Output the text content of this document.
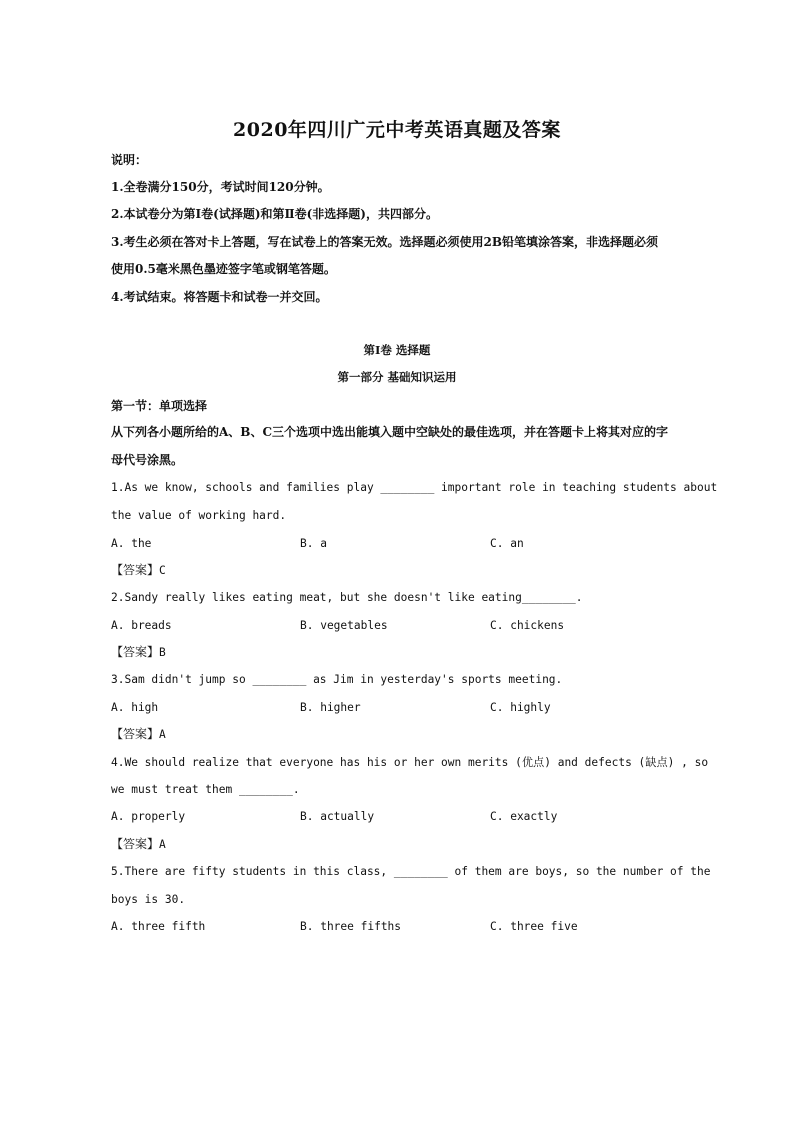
2020年四川广元中考英语真题及答案
说明：
1.全卷满分150分，考试时间120分钟。
2.本试卷分为第Ⅰ卷(试择题)和第Ⅱ卷(非选择题)，共四部分。
3.考生必须在答对卡上答题，写在试卷上的答案无效。选择题必须使用2B铅笔填涂答案，非选择题必须
使用0.5毫米黑色墨迹签字笔或钢笔答题。
4.考试结束。将答题卡和试卷一并交回。
第Ⅰ卷 选择题
第一部分 基础知识运用
第一节：单项选择
从下列各小题所给的A、B、C三个选项中选出能填入题中空缺处的最佳选项，并在答题卡上将其对应的字
母代号涂黑。
1.As we know, schools and families play ________ important role in teaching students about
the value of working hard.
A. the	B. a	C. an
【答案】C
2.Sandy really likes eating meat, but she doesn't like eating________.
A. breads	B. vegetables	C. chickens
【答案】B
3.Sam didn't jump so ________ as Jim in yesterday's sports meeting.
A. high	B. higher	C. highly
【答案】A
4.We should realize that everyone has his or her own merits (优点) and defects (缺点) , so
we must treat them ________.
A. properly	B. actually	C. exactly
【答案】A
5.There are fifty students in this class, ________ of them are boys, so the number of the
boys is 30.
A. three fifth	B. three fifths	C. three five
